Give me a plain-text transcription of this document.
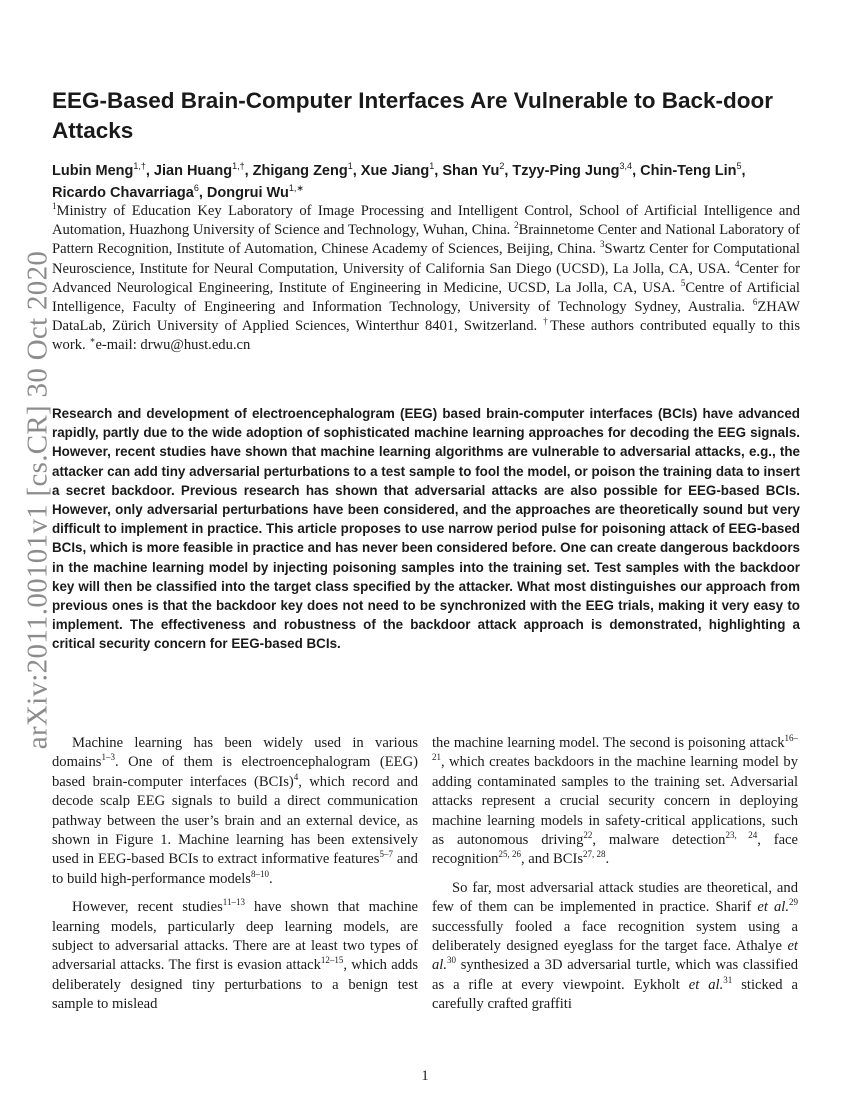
arXiv:2011.00101v1 [cs.CR] 30 Oct 2020
EEG-Based Brain-Computer Interfaces Are Vulnerable to Back-door Attacks
Lubin Meng$^{1,\dagger}$, Jian Huang$^{1,\dagger}$, Zhigang Zeng$^1$, Xue Jiang$^1$, Shan Yu$^2$, Tzyy-Ping Jung$^{3,4}$, Chin-Teng Lin$^5$, Ricardo Chavarriaga$^6$, Dongrui $Wu^{1,∗}$
$^1$Ministry of Education Key Laboratory of Image Processing and Intelligent Control, School of Artificial Intelligence and Automation, Huazhong University of Science and Technology, Wuhan, China. $^2$Brainnetome Center and National Laboratory of Pattern Recognition, Institute of Automation, Chinese Academy of Sciences, Beijing, China. $^3$Swartz Center for Computational Neuroscience, Institute for Neural Computation, University of California San Diego (UCSD), La Jolla, CA, USA. $^4$Center for Advanced Neurological Engineering, Institute of Engineering in Medicine, UCSD, La Jolla, CA, USA. $^5$Centre of Artificial Intelligence, Faculty of Engineering and Information Technology, University of Technology Sydney, Australia. $^6$ZHAW DataLab, Zürich University of Applied Sciences, Winterthur 8401, Switzerland. †These authors contributed equally to this work. ∗e-mail: drwu@hust.edu.cn

Research and development of electroencephalogram (EEG) based brain-computer interfaces (BCIs) have advanced rapidly, partly due to the wide adoption of sophisticated machine learning approaches for decoding the EEG signals. However, recent studies have shown that machine learning algorithms are vulnerable to adversarial attacks, e.g., the attacker can add tiny adversarial perturbations to a test sample to fool the model, or poison the training data to insert a secret backdoor. Previous research has shown that adversarial attacks are also possible for EEG-based BCIs. However, only adversarial perturbations have been considered, and the approaches are theoretically sound but very difficult to implement in practice. This article proposes to use narrow period pulse for poisoning attack of EEG-based BCIs, which is more feasible in practice and has never been considered before. One can create dangerous backdoors in the machine learning model by injecting poisoning samples into the training set. Test samples with the backdoor key will then be classified into the target class specified by the attacker. What most distinguishes our approach from previous ones is that the backdoor key does not need to be synchronized with the EEG trials, making it very easy to implement. The effectiveness and robustness of the backdoor attack approach is demonstrated, highlighting a critical security concern for EEG-based BCIs.

Machine learning has been widely used in various domains$^{1-3}$. One of them is electroencephalogram (EEG) based brain-computer interfaces (BCIs)$^4$, which record and decode scalp EEG signals to build a direct communication pathway between the user’s brain and an external device, as shown in Figure 1. Machine learning has been extensively used in EEG-based BCIs to extract informative features$^{5-7}$ and to build high-performance models$^{8-10}$.

However, recent studies$^{11-13}$ have shown that machine learning models, particularly deep learning models, are subject to adversarial attacks. There are at least two types of adversarial attacks. The first is evasion attack$^{12-15}$, which adds deliberately designed tiny perturbations to a benign test sample to mislead

the machine learning model. The second is poisoning attack$^{16-21}$, which creates backdoors in the machine learning model by adding contaminated samples to the training set. Adversarial attacks represent a crucial security concern in deploying machine learning models in safety-critical applications, such as autonomous driving$^{22}$, malware detection$^{23, 24}$, face recognition$^{25, 26}$, and BCIs$^{27, 28}$.

So far, most adversarial attack studies are theoretical, and few of them can be implemented in practice. Sharif et al.$^{29}$ successfully fooled a face recognition system using a deliberately designed eyeglass for the target face. Athalye et al.$^{30}$ synthesized a 3D adversarial turtle, which was classified as a rifle at every viewpoint. Eykholt et al.$^{31}$ sticked a carefully crafted graffiti

1
